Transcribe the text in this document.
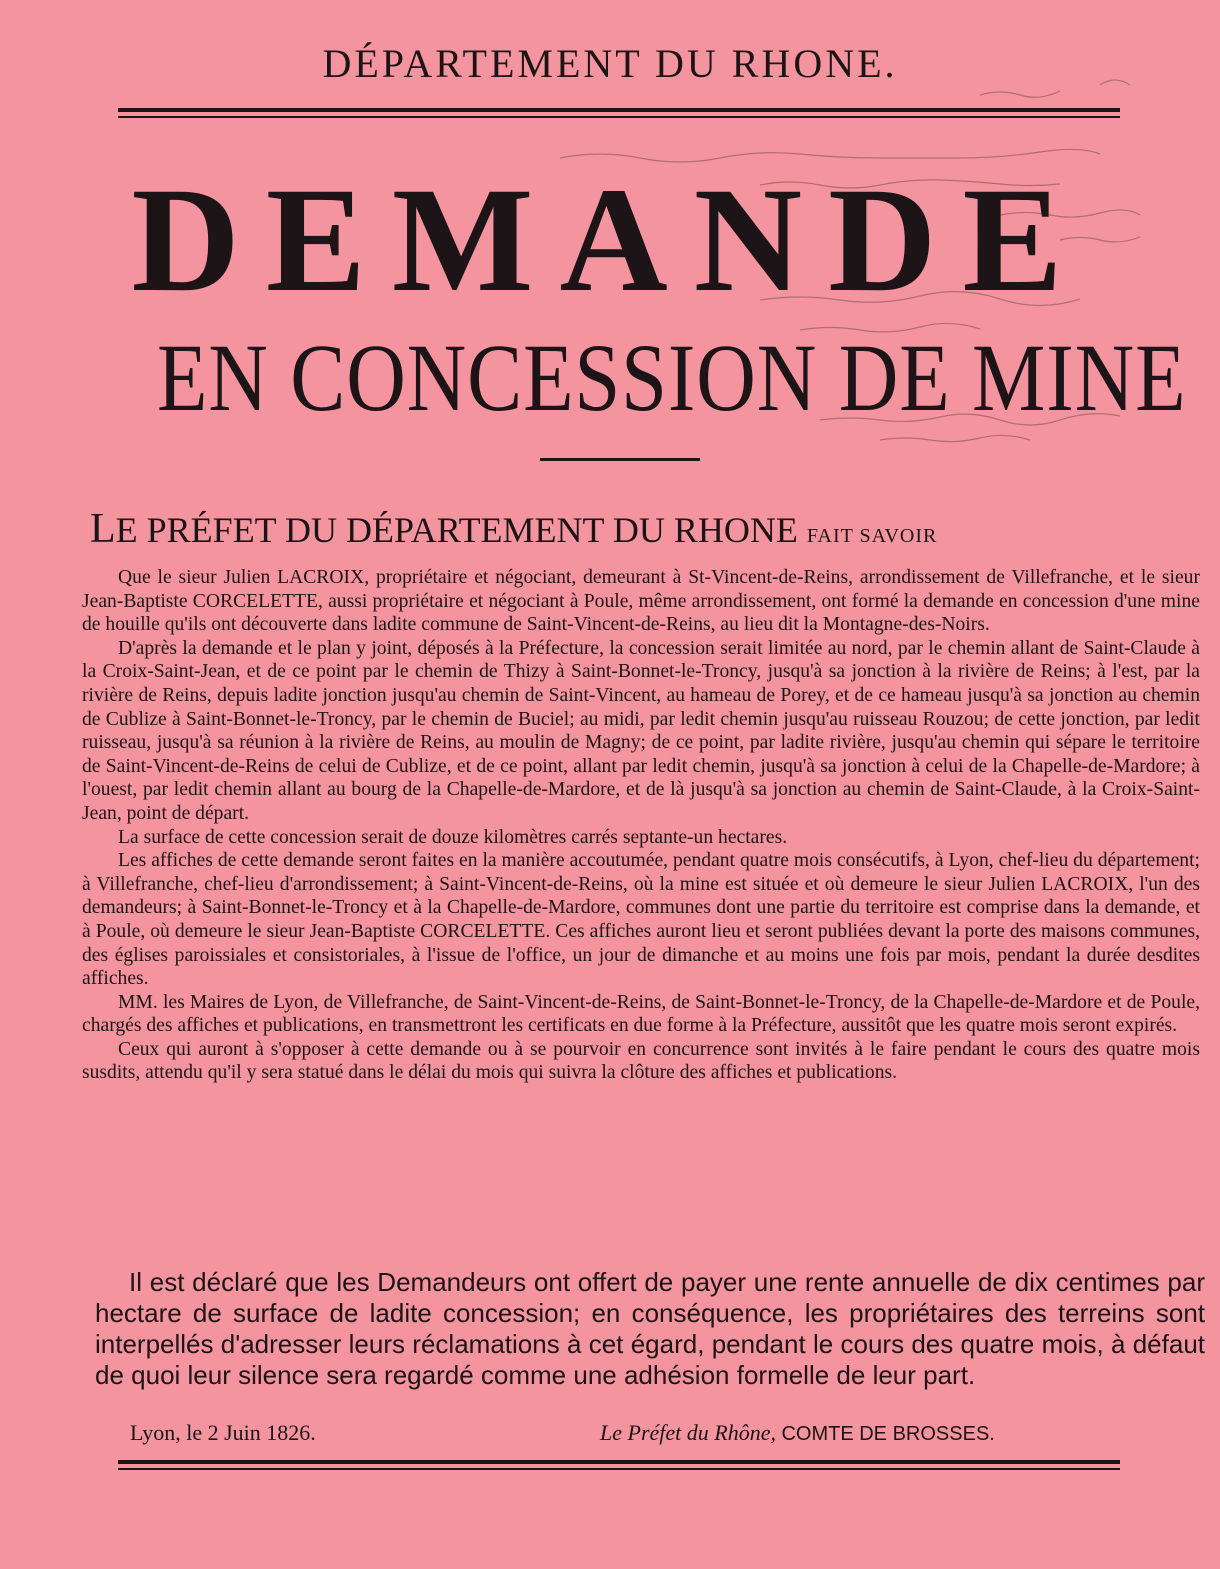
DÉPARTEMENT DU RHONE.
DEMANDE
EN CONCESSION DE MINE
LE PRÉFET DU DÉPARTEMENT DU RHONE FAIT SAVOIR

Que le sieur Julien LACROIX, propriétaire et négociant, demeurant à St-Vincent-de-Reins, arrondissement de Villefranche, et le sieur Jean-Baptiste CORCELETTE, aussi propriétaire et négociant à Poule, même arrondissement, ont formé la demande en concession d'une mine de houille qu'ils ont découverte dans ladite commune de Saint-Vincent-de-Reins, au lieu dit la Montagne-des-Noirs.

D'après la demande et le plan y joint, déposés à la Préfecture, la concession serait limitée au nord, par le chemin allant de Saint-Claude à la Croix-Saint-Jean, et de ce point par le chemin de Thizy à Saint-Bonnet-le-Troncy, jusqu'à sa jonction à la rivière de Reins; à l'est, par la rivière de Reins, depuis ladite jonction jusqu'au chemin de Saint-Vincent, au hameau de Porey, et de ce hameau jusqu'à sa jonction au chemin de Cublize à Saint-Bonnet-le-Troncy, par le chemin de Buciel; au midi, par ledit chemin jusqu'au ruisseau Rouzou; de cette jonction, par ledit ruisseau, jusqu'à sa réunion à la rivière de Reins, au moulin de Magny; de ce point, par ladite rivière, jusqu'au chemin qui sépare le territoire de Saint-Vincent-de-Reins de celui de Cublize, et de ce point, allant par ledit chemin, jusqu'à sa jonction à celui de la Chapelle-de-Mardore; à l'ouest, par ledit chemin allant au bourg de la Chapelle-de-Mardore, et de là jusqu'à sa jonction au chemin de Saint-Claude, à la Croix-Saint-Jean, point de départ.

La surface de cette concession serait de douze kilomètres carrés septante-un hectares.

Les affiches de cette demande seront faites en la manière accoutumée, pendant quatre mois consécutifs, à Lyon, chef-lieu du département; à Villefranche, chef-lieu d'arrondissement; à Saint-Vincent-de-Reins, où la mine est située et où demeure le sieur Julien LACROIX, l'un des demandeurs; à Saint-Bonnet-le-Troncy et à la Chapelle-de-Mardore, communes dont une partie du territoire est comprise dans la demande, et à Poule, où demeure le sieur Jean-Baptiste CORCELETTE. Ces affiches auront lieu et seront publiées devant la porte des maisons communes, des églises paroissiales et consistoriales, à l'issue de l'office, un jour de dimanche et au moins une fois par mois, pendant la durée desdites affiches.

MM. les Maires de Lyon, de Villefranche, de Saint-Vincent-de-Reins, de Saint-Bonnet-le-Troncy, de la Chapelle-de-Mardore et de Poule, chargés des affiches et publications, en transmettront les certificats en due forme à la Préfecture, aussitôt que les quatre mois seront expirés.

Ceux qui auront à s'opposer à cette demande ou à se pourvoir en concurrence sont invités à le faire pendant le cours des quatre mois susdits, attendu qu'il y sera statué dans le délai du mois qui suivra la clôture des affiches et publications.

Il est déclaré que les Demandeurs ont offert de payer une rente annuelle de dix centimes par hectare de surface de ladite concession; en conséquence, les propriétaires des terreins sont interpellés d'adresser leurs réclamations à cet égard, pendant le cours des quatre mois, à défaut de quoi leur silence sera regardé comme une adhésion formelle de leur part.

Lyon, le 2 Juin 1826.	Le Préfet du Rhône, COMTE DE BROSSES.
